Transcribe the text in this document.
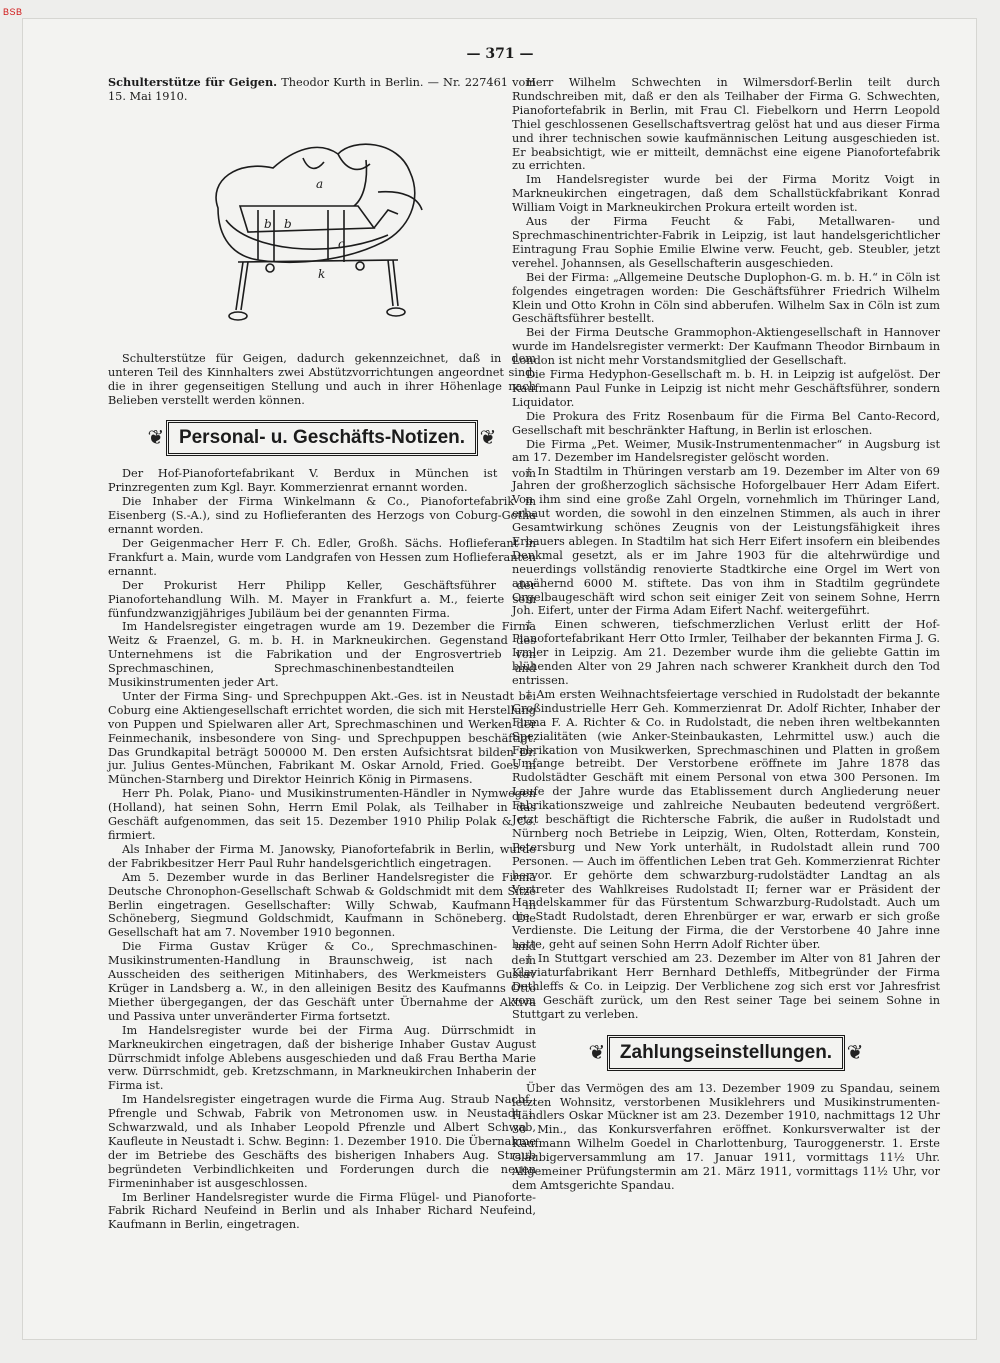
BSB
— 371 —

Schulterstütze für Geigen. Theodor Kurth in Berlin. — Nr. 227461 vom 15. Mai 1910.

a
b b
c
k

Schulterstütze für Geigen, dadurch gekennzeichnet, daß in dem unteren Teil des Kinnhalters zwei Abstützvorrichtungen angeordnet sind, die in ihrer gegenseitigen Stellung und auch in ihrer Höhenlage nach Belieben verstellt werden können.

❦ Personal- u. Geschäfts-Notizen. ❦

Der Hof-Pianofortefabrikant V. Berdux in München ist vom Prinzregenten zum Kgl. Bayr. Kommerzienrat ernannt worden.

Die Inhaber der Firma Winkelmann & Co., Pianofortefabrik in Eisenberg (S.-A.), sind zu Hoflieferanten des Herzogs von Coburg-Gotha ernannt worden.

Der Geigenmacher Herr F. Ch. Edler, Großh. Sächs. Hoflieferant in Frankfurt a. Main, wurde vom Landgrafen von Hessen zum Hoflieferanten ernannt.

Der Prokurist Herr Philipp Keller, Geschäftsführer der Pianofortehandlung Wilh. M. Mayer in Frankfurt a. M., feierte sein fünfundzwanzigjähriges Jubiläum bei der genannten Firma.

Im Handelsregister eingetragen wurde am 19. Dezember die Firma Weitz & Fraenzel, G. m. b. H. in Markneukirchen. Gegenstand des Unternehmens ist die Fabrikation und der Engrosvertrieb von Sprechmaschinen, Sprechmaschinenbestandteilen und Musikinstrumenten jeder Art.

Unter der Firma Sing- und Sprechpuppen Akt.-Ges. ist in Neustadt bei Coburg eine Aktiengesellschaft errichtet worden, die sich mit Herstellung von Puppen und Spielwaren aller Art, Sprechmaschinen und Werken der Feinmechanik, insbesondere von Sing- und Sprechpuppen beschäftigt. Das Grundkapital beträgt 500000 M. Den ersten Aufsichtsrat bilden Dr. jur. Julius Gentes-München, Fabrikant M. Oskar Arnold, Fried. Goes in München-Starnberg und Direktor Heinrich König in Pirmasens.

Herr Ph. Polak, Piano- und Musikinstrumenten-Händler in Nymwegen (Holland), hat seinen Sohn, Herrn Emil Polak, als Teilhaber in das Geschäft aufgenommen, das seit 15. Dezember 1910 Philip Polak & Co. firmiert.

Als Inhaber der Firma M. Janowsky, Pianofortefabrik in Berlin, wurde der Fabrikbesitzer Herr Paul Ruhr handelsgerichtlich eingetragen.

Am 5. Dezember wurde in das Berliner Handelsregister die Firma Deutsche Chronophon-Gesellschaft Schwab & Goldschmidt mit dem Sitze Berlin eingetragen. Gesellschafter: Willy Schwab, Kaufmann in Schöneberg, Siegmund Goldschmidt, Kaufmann in Schöneberg. Die Gesellschaft hat am 7. November 1910 begonnen.

Die Firma Gustav Krüger & Co., Sprechmaschinen- und Musikinstrumenten-Handlung in Braunschweig, ist nach dem Ausscheiden des seitherigen Mitinhabers, des Werkmeisters Gustav Krüger in Landsberg a. W., in den alleinigen Besitz des Kaufmanns Otto Miether übergegangen, der das Geschäft unter Übernahme der Aktiva und Passiva unter unveränderter Firma fortsetzt.

Im Handelsregister wurde bei der Firma Aug. Dürrschmidt in Markneukirchen eingetragen, daß der bisherige Inhaber Gustav August Dürrschmidt infolge Ablebens ausgeschieden und daß Frau Bertha Marie verw. Dürrschmidt, geb. Kretzschmann, in Markneukirchen Inhaberin der Firma ist.

Im Handelsregister eingetragen wurde die Firma Aug. Straub Nachf., Pfrengle und Schwab, Fabrik von Metronomen usw. in Neustadt i. Schwarzwald, und als Inhaber Leopold Pfrenzle und Albert Schwab, Kaufleute in Neustadt i. Schw. Beginn: 1. Dezember 1910. Die Übernahme der im Betriebe des Geschäfts des bisherigen Inhabers Aug. Straub begründeten Verbindlichkeiten und Forderungen durch die neuen Firmeninhaber ist ausgeschlossen.

Im Berliner Handelsregister wurde die Firma Flügel- und Pianoforte-Fabrik Richard Neufeind in Berlin und als Inhaber Richard Neufeind, Kaufmann in Berlin, eingetragen.

Herr Wilhelm Schwechten in Wilmersdorf-Berlin teilt durch Rundschreiben mit, daß er den als Teilhaber der Firma G. Schwechten, Pianofortefabrik in Berlin, mit Frau Cl. Fiebelkorn und Herrn Leopold Thiel geschlossenen Gesellschaftsvertrag gelöst hat und aus dieser Firma und ihrer technischen sowie kaufmännischen Leitung ausgeschieden ist. Er beabsichtigt, wie er mitteilt, demnächst eine eigene Pianofortefabrik zu errichten.

Im Handelsregister wurde bei der Firma Moritz Voigt in Markneukirchen eingetragen, daß dem Schallstückfabrikant Konrad William Voigt in Markneukirchen Prokura erteilt worden ist.

Aus der Firma Feucht & Fabi, Metallwaren- und Sprechmaschinentrichter-Fabrik in Leipzig, ist laut handelsgerichtlicher Eintragung Frau Sophie Emilie Elwine verw. Feucht, geb. Steubler, jetzt verehel. Johannsen, als Gesellschafterin ausgeschieden.

Bei der Firma: „Allgemeine Deutsche Duplophon-G. m. b. H.“ in Cöln ist folgendes eingetragen worden: Die Geschäftsführer Friedrich Wilhelm Klein und Otto Krohn in Cöln sind abberufen. Wilhelm Sax in Cöln ist zum Geschäftsführer bestellt.

Bei der Firma Deutsche Grammophon-Aktiengesellschaft in Hannover wurde im Handelsregister vermerkt: Der Kaufmann Theodor Birnbaum in London ist nicht mehr Vorstandsmitglied der Gesellschaft.

Die Firma Hedyphon-Gesellschaft m. b. H. in Leipzig ist aufgelöst. Der Kaufmann Paul Funke in Leipzig ist nicht mehr Geschäftsführer, sondern Liquidator.

Die Prokura des Fritz Rosenbaum für die Firma Bel Canto-Record, Gesellschaft mit beschränkter Haftung, in Berlin ist erloschen.

Die Firma „Pet. Weimer, Musik-Instrumentenmacher“ in Augsburg ist am 17. Dezember im Handelsregister gelöscht worden.

† In Stadtilm in Thüringen verstarb am 19. Dezember im Alter von 69 Jahren der großherzoglich sächsische Hoforgelbauer Herr Adam Eifert. Von ihm sind eine große Zahl Orgeln, vornehmlich im Thüringer Land, erbaut worden, die sowohl in den einzelnen Stimmen, als auch in ihrer Gesamtwirkung schönes Zeugnis von der Leistungsfähigkeit ihres Erbauers ablegen. In Stadtilm hat sich Herr Eifert insofern ein bleibendes Denkmal gesetzt, als er im Jahre 1903 für die altehrwürdige und neuerdings vollständig renovierte Stadtkirche eine Orgel im Wert von annähernd 6000 M. stiftete. Das von ihm in Stadtilm gegründete Orgelbaugeschäft wird schon seit einiger Zeit von seinem Sohne, Herrn Joh. Eifert, unter der Firma Adam Eifert Nachf. weitergeführt.

† Einen schweren, tiefschmerzlichen Verlust erlitt der Hof-Pianofortefabrikant Herr Otto Irmler, Teilhaber der bekannten Firma J. G. Irmler in Leipzig. Am 21. Dezember wurde ihm die geliebte Gattin im blühenden Alter von 29 Jahren nach schwerer Krankheit durch den Tod entrissen.

† Am ersten Weihnachtsfeiertage verschied in Rudolstadt der bekannte Großindustrielle Herr Geh. Kommerzienrat Dr. Adolf Richter, Inhaber der Firma F. A. Richter & Co. in Rudolstadt, die neben ihren weltbekannten Spezialitäten (wie Anker-Steinbaukasten, Lehrmittel usw.) auch die Fabrikation von Musikwerken, Sprechmaschinen und Platten in großem Umfange betreibt. Der Verstorbene eröffnete im Jahre 1878 das Rudolstädter Geschäft mit einem Personal von etwa 300 Personen. Im Laufe der Jahre wurde das Etablissement durch Angliederung neuer Fabrikationszweige und zahlreiche Neubauten bedeutend vergrößert. Jetzt beschäftigt die Richtersche Fabrik, die außer in Rudolstadt und Nürnberg noch Betriebe in Leipzig, Wien, Olten, Rotterdam, Konstein, Petersburg und New York unterhält, in Rudolstadt allein rund 700 Personen. — Auch im öffentlichen Leben trat Geh. Kommerzienrat Richter hervor. Er gehörte dem schwarzburg-rudolstädter Landtag an als Vertreter des Wahlkreises Rudolstadt II; ferner war er Präsident der Handelskammer für das Fürstentum Schwarzburg-Rudolstadt. Auch um die Stadt Rudolstadt, deren Ehrenbürger er war, erwarb er sich große Verdienste. Die Leitung der Firma, die der Verstorbene 40 Jahre inne hatte, geht auf seinen Sohn Herrn Adolf Richter über.

† In Stuttgart verschied am 23. Dezember im Alter von 81 Jahren der Klaviaturfabrikant Herr Bernhard Dethleffs, Mitbegründer der Firma Dethleffs & Co. in Leipzig. Der Verblichene zog sich erst vor Jahresfrist vom Geschäft zurück, um den Rest seiner Tage bei seinem Sohne in Stuttgart zu verleben.

❦ Zahlungseinstellungen. ❦

Über das Vermögen des am 13. Dezember 1909 zu Spandau, seinem letzten Wohnsitz, verstorbenen Musiklehrers und Musikinstrumenten-Händlers Oskar Mückner ist am 23. Dezember 1910, nachmittags 12 Uhr 30 Min., das Konkursverfahren eröffnet. Konkursverwalter ist der Kaufmann Wilhelm Goedel in Charlottenburg, Tauroggenerstr. 1. Erste Gläubigerversammlung am 17. Januar 1911, vormittags 11½ Uhr. Allgemeiner Prüfungstermin am 21. März 1911, vormittags 11½ Uhr, vor dem Amtsgerichte Spandau.
